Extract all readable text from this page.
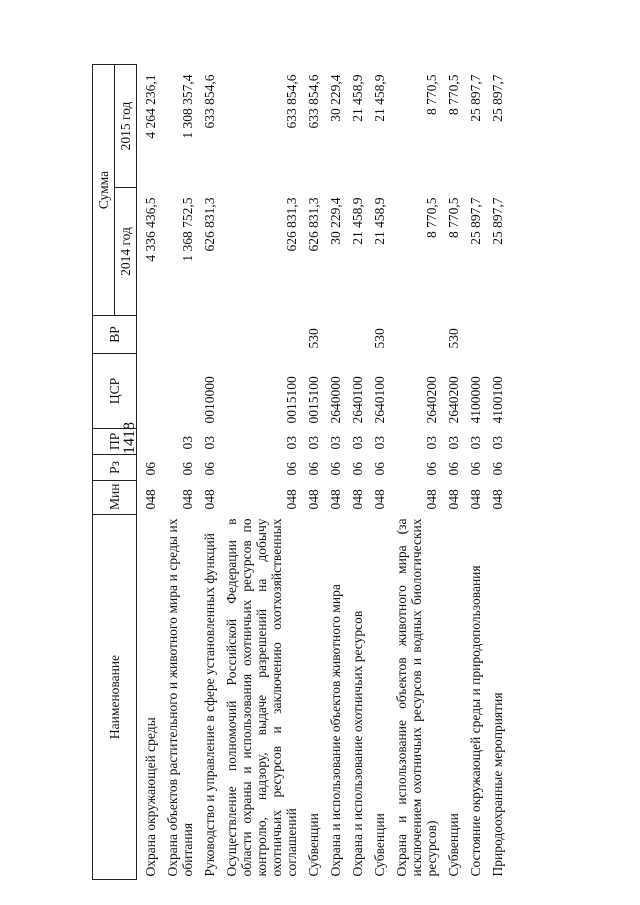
1418
Наименование	Мин	Рз	ПР	ЦСР	ВР	Сумма	
						2014 год	2015 год
Охрана окружающей среды	048	06				4 336 436,5	4 264 236,1
Охрана объектов растительного и животного мира и среды их обитания	048	06	03			1 368 752,5	1 308 357,4
Руководство и управление в сфере установленных функций	048	06	03	0010000		626 831,3	633 854,6
Осуществление полномочий Российской Федерации в области охраны и использования охотничьих ресурсов по контролю, надзору, выдаче разрешений на добычу охотничьих ресурсов и заключению охотхозяйственных соглашений	048	06	03	0015100		626 831,3	633 854,6
Субвенции	048	06	03	0015100	530	626 831,3	633 854,6
Охрана и использование объектов животного мира	048	06	03	2640000		30 229,4	30 229,4
Охрана и использование охотничьих ресурсов	048	06	03	2640100		21 458,9	21 458,9
Субвенции	048	06	03	2640100	530	21 458,9	21 458,9
Охрана и использование объектов животного мира (за исключением охотничьих ресурсов и водных биологических ресурсов)	048	06	03	2640200		8 770,5	8 770,5
Субвенции	048	06	03	2640200	530	8 770,5	8 770,5
Состояние окружающей среды и природопользования	048	06	03	4100000		25 897,7	25 897,7
Природоохранные мероприятия	048	06	03	4100100		25 897,7	25 897,7
